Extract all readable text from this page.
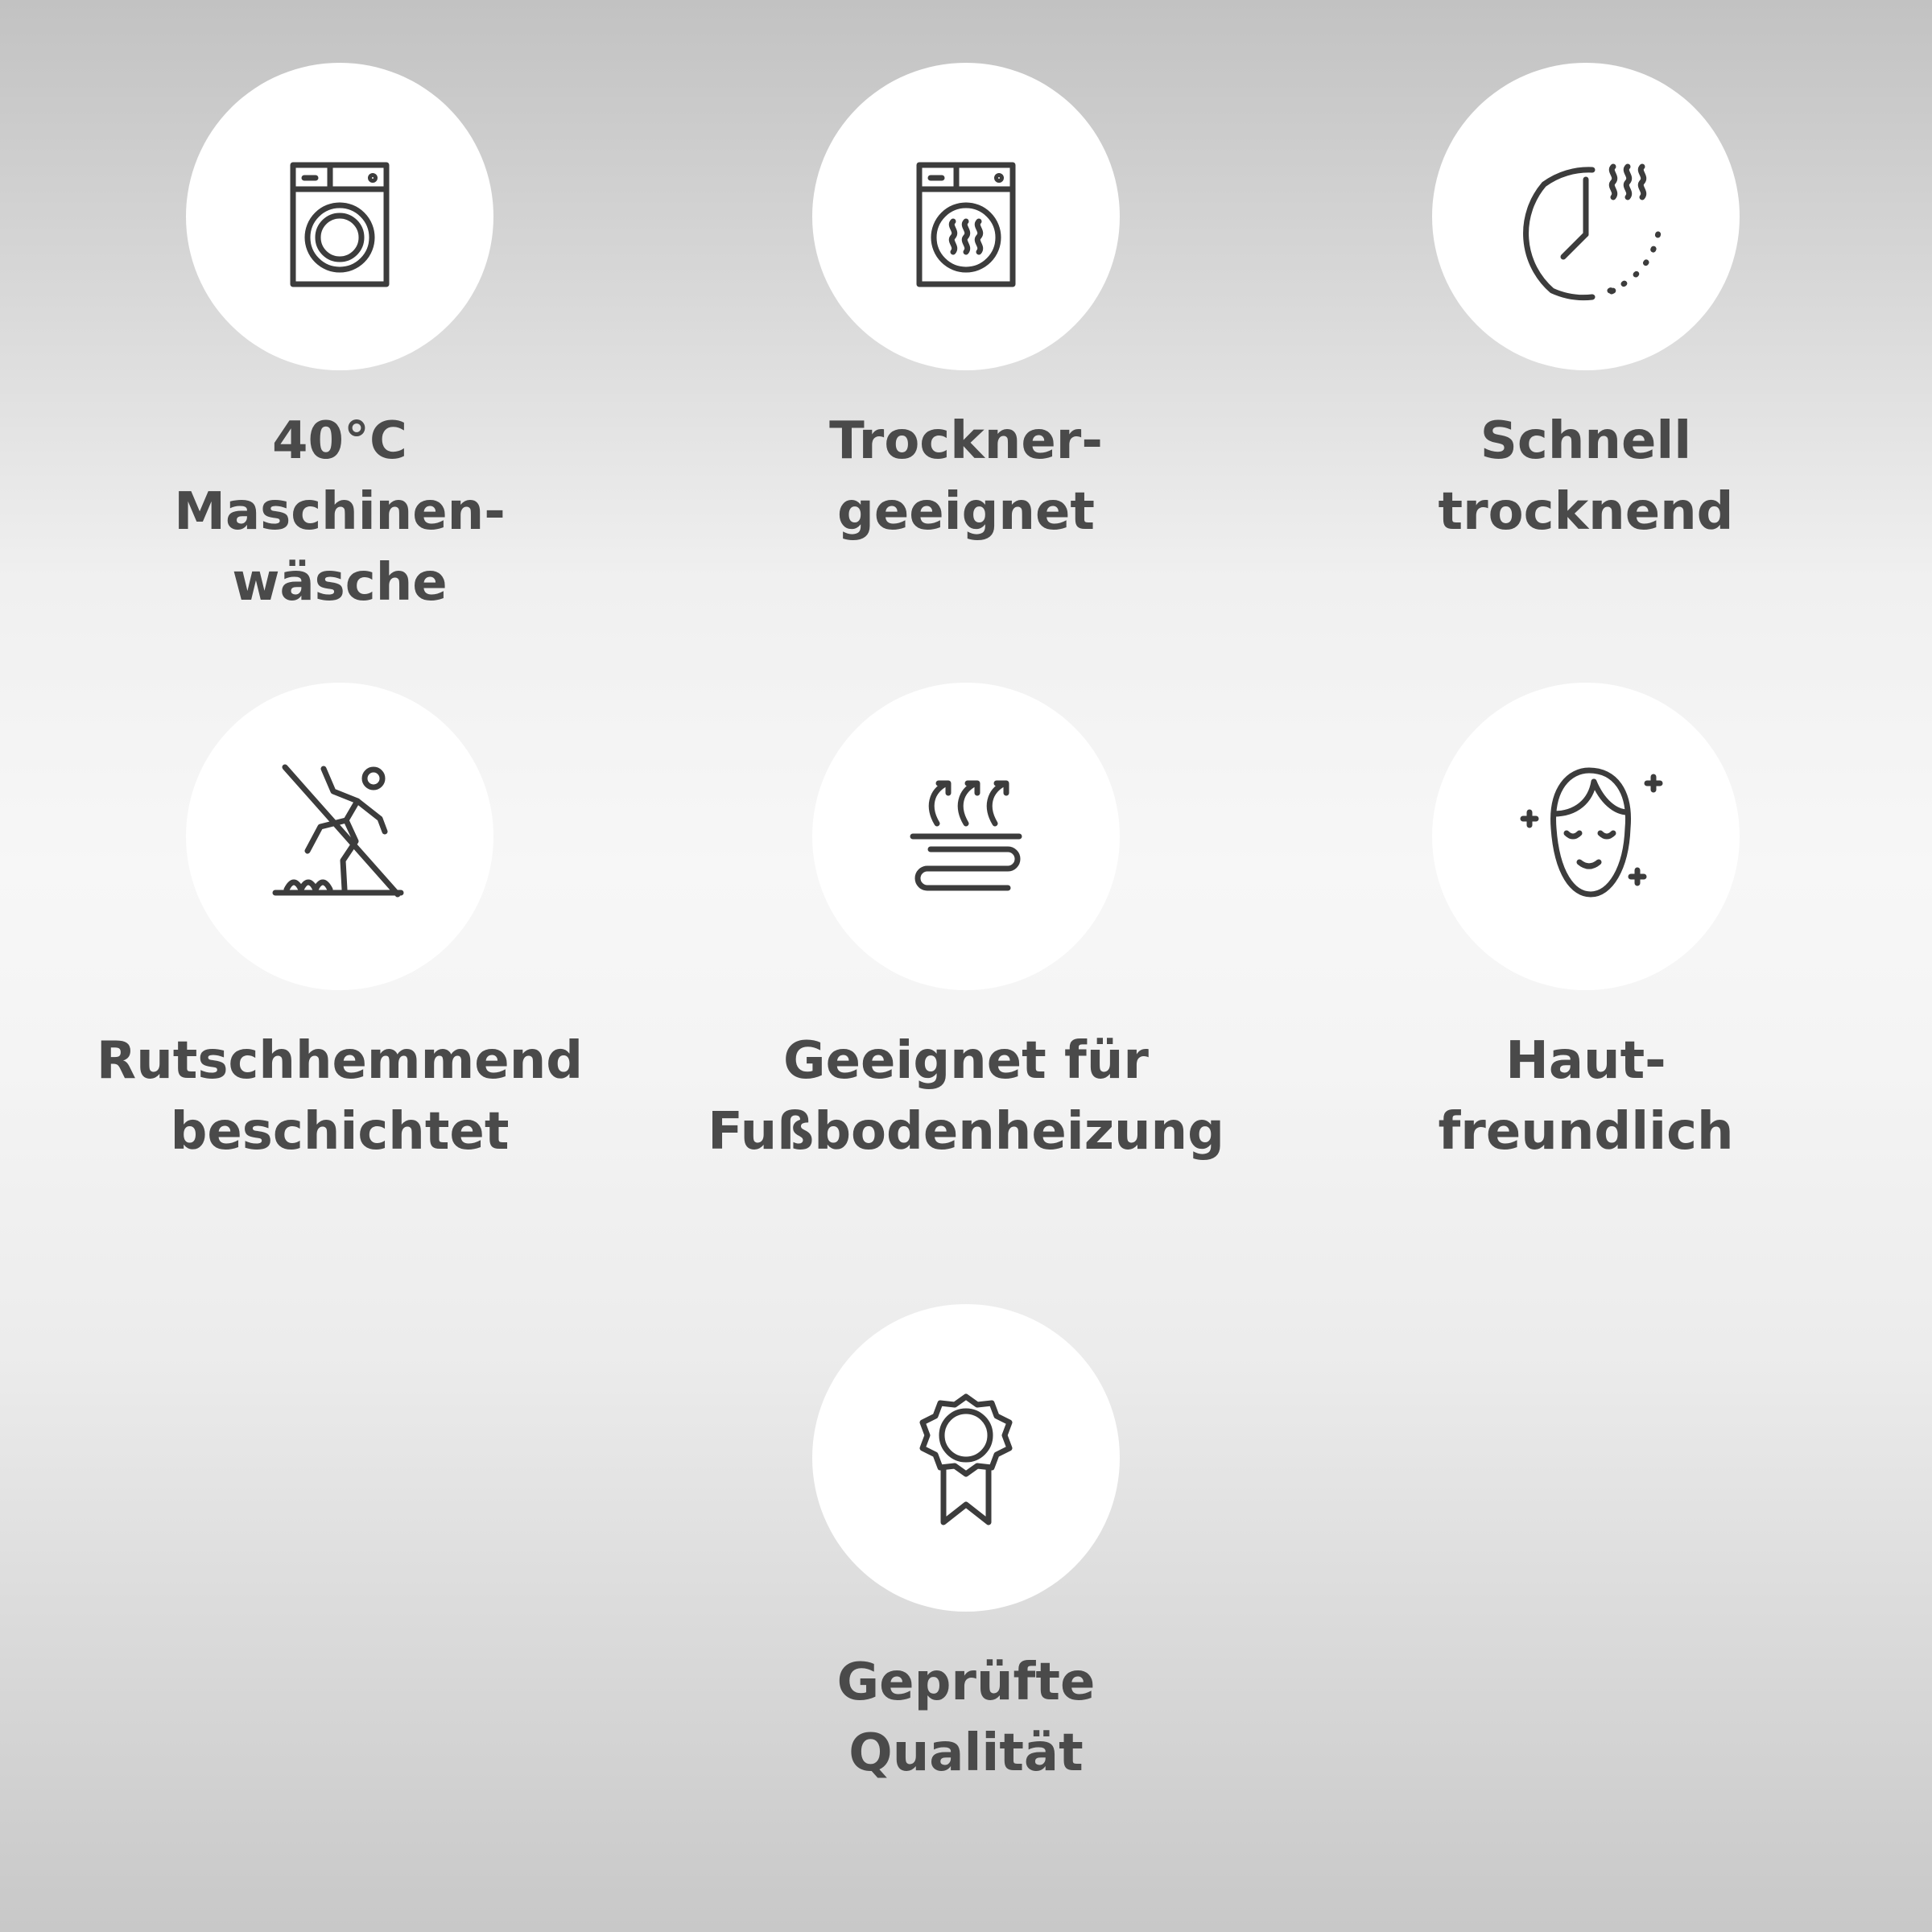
40°C
Maschinen-
wäsche
Trockner-
geeignet
Schnell
trocknend
Rutschhemmend
beschichtet
Geeignet für
Fußbodenheizung
Haut-
freundlich
Geprüfte
Qualität
